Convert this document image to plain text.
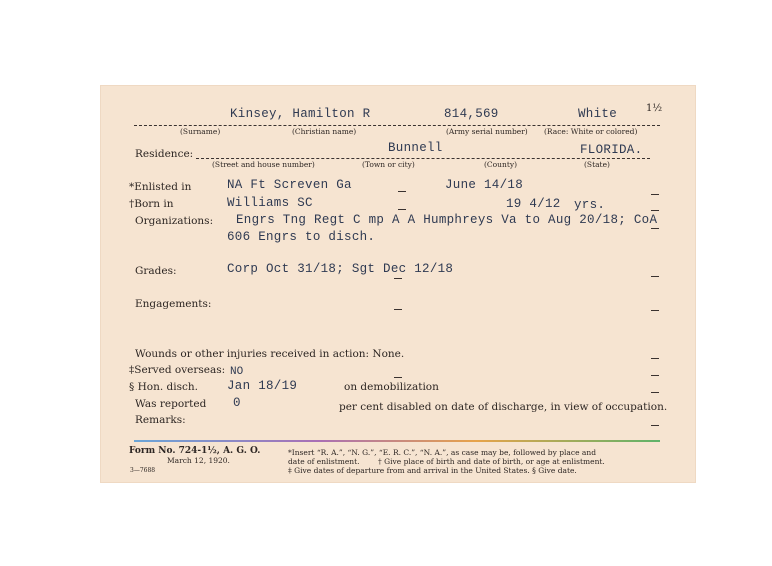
Kinsey, Hamilton R	814,569	White	1½
(Surname)	(Christian name)	(Army serial number) (Race: White or colored)
Residence:	Bunnell	FLORIDA.
(Street and house number)	(Town or city)	(County)	(State)
*Enlisted in	NA Ft Screven Ga	June 14/18
†Born in	Williams SC	19 4/12 yrs.
Organizations: Engrs Tng Regt C mp A A Humphreys Va to Aug 20/18; CoA
606 Engrs to disch.
Grades:	Corp Oct 31/18; Sgt Dec 12/18
Engagements:
Wounds or other injuries received in action: None.
‡Served overseas: NO
§ Hon. disch. Jan 18/19	on demobilization
Was reported 0	per cent disabled on date of discharge, in view of occupation.
Remarks:
Form No. 724-1½, A. G. O.
March 12, 1920.
3—7688
*Insert “R. A.”, “N. G.”, “E. R. C.”, “N. A.”, as case may be, followed by place and
date of enlistment. † Give place of birth and date of birth, or age at enlistment.
‡ Give dates of departure from and arrival in the United States. § Give date.
